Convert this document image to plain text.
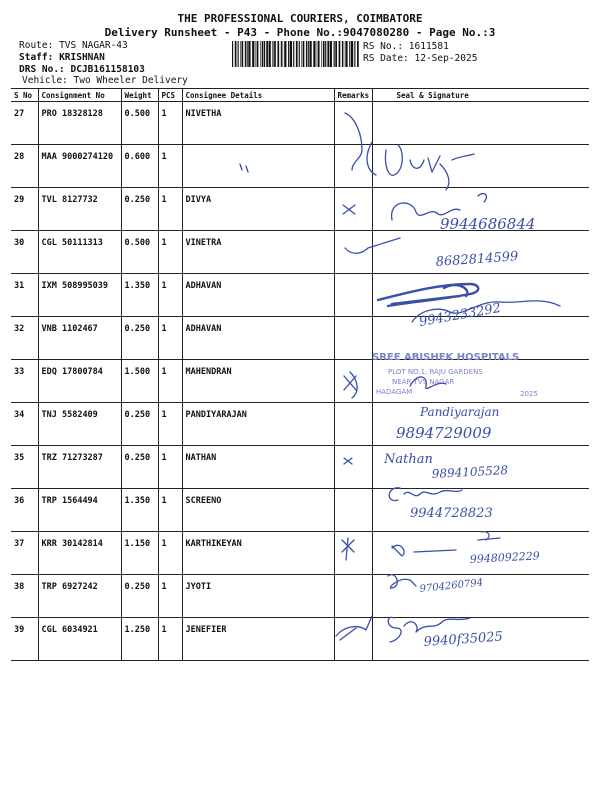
THE PROFESSIONAL COURIERS, COIMBATORE
Delivery Runsheet - P43 - Phone No.:9047080280 - Page No.:3
Route: TVS NAGAR-43
Staff: KRISHNAN
DRS No.: DCJB161158103
Vehicle: Two Wheeler Delivery
RS No.: 1611581
RS Date: 12-Sep-2025
S No	Consignment No	Weight	PCS	Consignee Details	Remarks	Seal & Signature
27	PRO 18328128	0.500	1	NIVETHA		
28	MAA 9000274120	0.600	1			
29	TVL 8127732	0.250	1	DIVYA		
30	CGL 50111313	0.500	1	VINETRA		
31	IXM 508995039	1.350	1	ADHAVAN		
32	VNB 1102467	0.250	1	ADHAVAN		
33	EDQ 17800784	1.500	1	MAHENDRAN		
34	TNJ 5582409	0.250	1	PANDIYARAJAN		
35	TRZ 71273287	0.250	1	NATHAN		
36	TRP 1564494	1.350	1	SCREENO		
37	KRR 30142814	1.150	1	KARTHIKEYAN		
38	TRP 6927242	0.250	1	JYOTI		
39	CGL 6034921	1.250	1	JENEFIER		
9944686844
8682814599
9943233292
SREE ABISHEK HOSPITALS
PLOT NO.1, RAJU GARDENS
NEAR TVS NAGAR
HADAGAM	2025
Pandiyarajan
9894729009
Nathan
9894105528
9944728823
9948092229
9704260794
9940f35025
